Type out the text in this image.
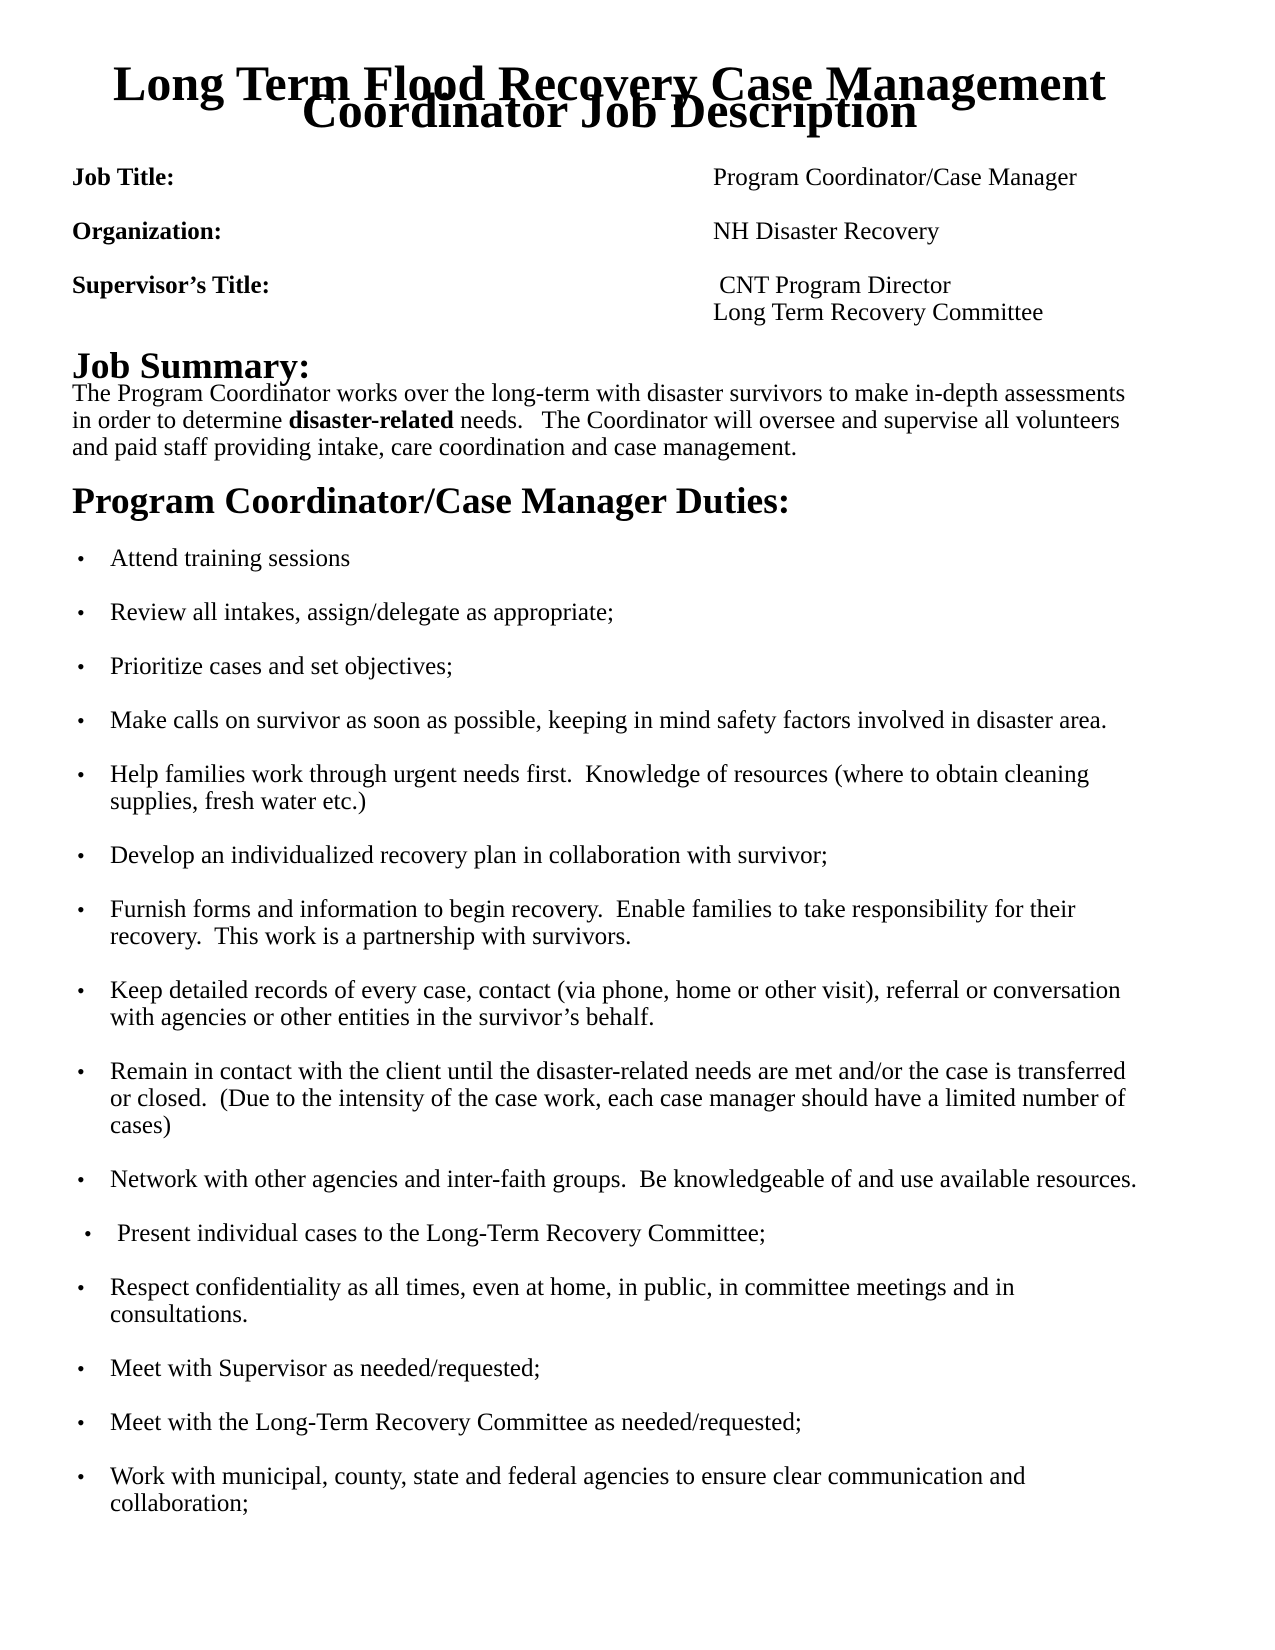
Long Term Flood Recovery Case Management Coordinator Job Description
Job Title:	Program Coordinator/Case Manager
Organization:	NH Disaster Recovery
Supervisor’s Title:	CNT Program Director
Long Term Recovery Committee
Job Summary:

The Program Coordinator works over the long-term with disaster survivors to make in-depth assessments in order to determine disaster-related needs.   The Coordinator will oversee and supervise all volunteers and paid staff providing intake, care coordination and case management.

Program Coordinator/Case Manager Duties:
•	Attend training sessions
•	Review all intakes, assign/delegate as appropriate;
•	Prioritize cases and set objectives;
•	Make calls on survivor as soon as possible, keeping in mind safety factors involved in disaster area.
•	Help families work through urgent needs first.  Knowledge of resources (where to obtain cleaning supplies, fresh water etc.)
•	Develop an individualized recovery plan in collaboration with survivor;
•	Furnish forms and information to begin recovery.  Enable families to take responsibility for their recovery.  This work is a partnership with survivors.
•	Keep detailed records of every case, contact (via phone, home or other visit), referral or conversation with agencies or other entities in the survivor’s behalf.
•	Remain in contact with the client until the disaster-related needs are met and/or the case is transferred or closed.  (Due to the intensity of the case work, each case manager should have a limited number of cases)
•	Network with other agencies and inter-faith groups.  Be knowledgeable of and use available resources.
•	Present individual cases to the Long-Term Recovery Committee;
•	Respect confidentiality as all times, even at home, in public, in committee meetings and in consultations.
•	Meet with Supervisor as needed/requested;
•	Meet with the Long-Term Recovery Committee as needed/requested;
•	Work with municipal, county, state and federal agencies to ensure clear communication and collaboration;
